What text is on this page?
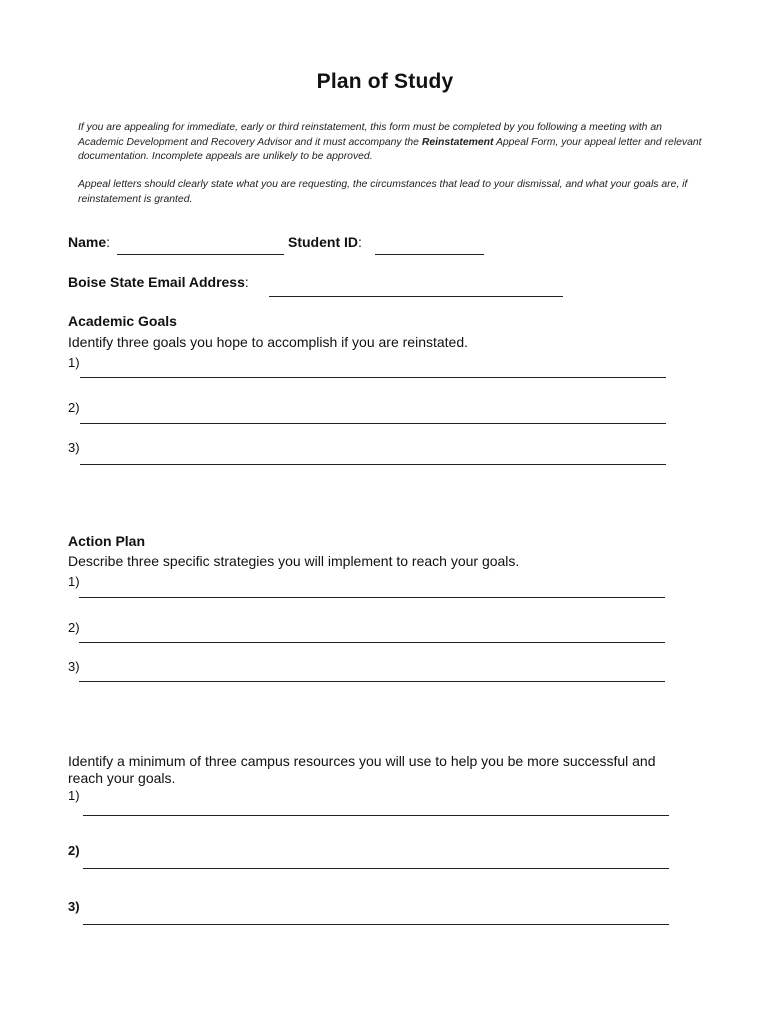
Plan of Study
If you are appealing for immediate, early or third reinstatement, this form must be completed by you following a meeting with an Academic Development and Recovery Advisor and it must accompany the Reinstatement Appeal Form, your appeal letter and relevant documentation. Incomplete appeals are unlikely to be approved.
Appeal letters should clearly state what you are requesting, the circumstances that lead to your dismissal, and what your goals are, if reinstatement is granted.
Name:	Student ID:
Boise State Email Address:
Academic Goals
Identify three goals you hope to accomplish if you are reinstated.
1)
2)
3)
Action Plan
Describe three specific strategies you will implement to reach your goals.
1)
2)
3)
Identify a minimum of three campus resources you will use to help you be more successful and reach your goals.
1)
2)
3)
